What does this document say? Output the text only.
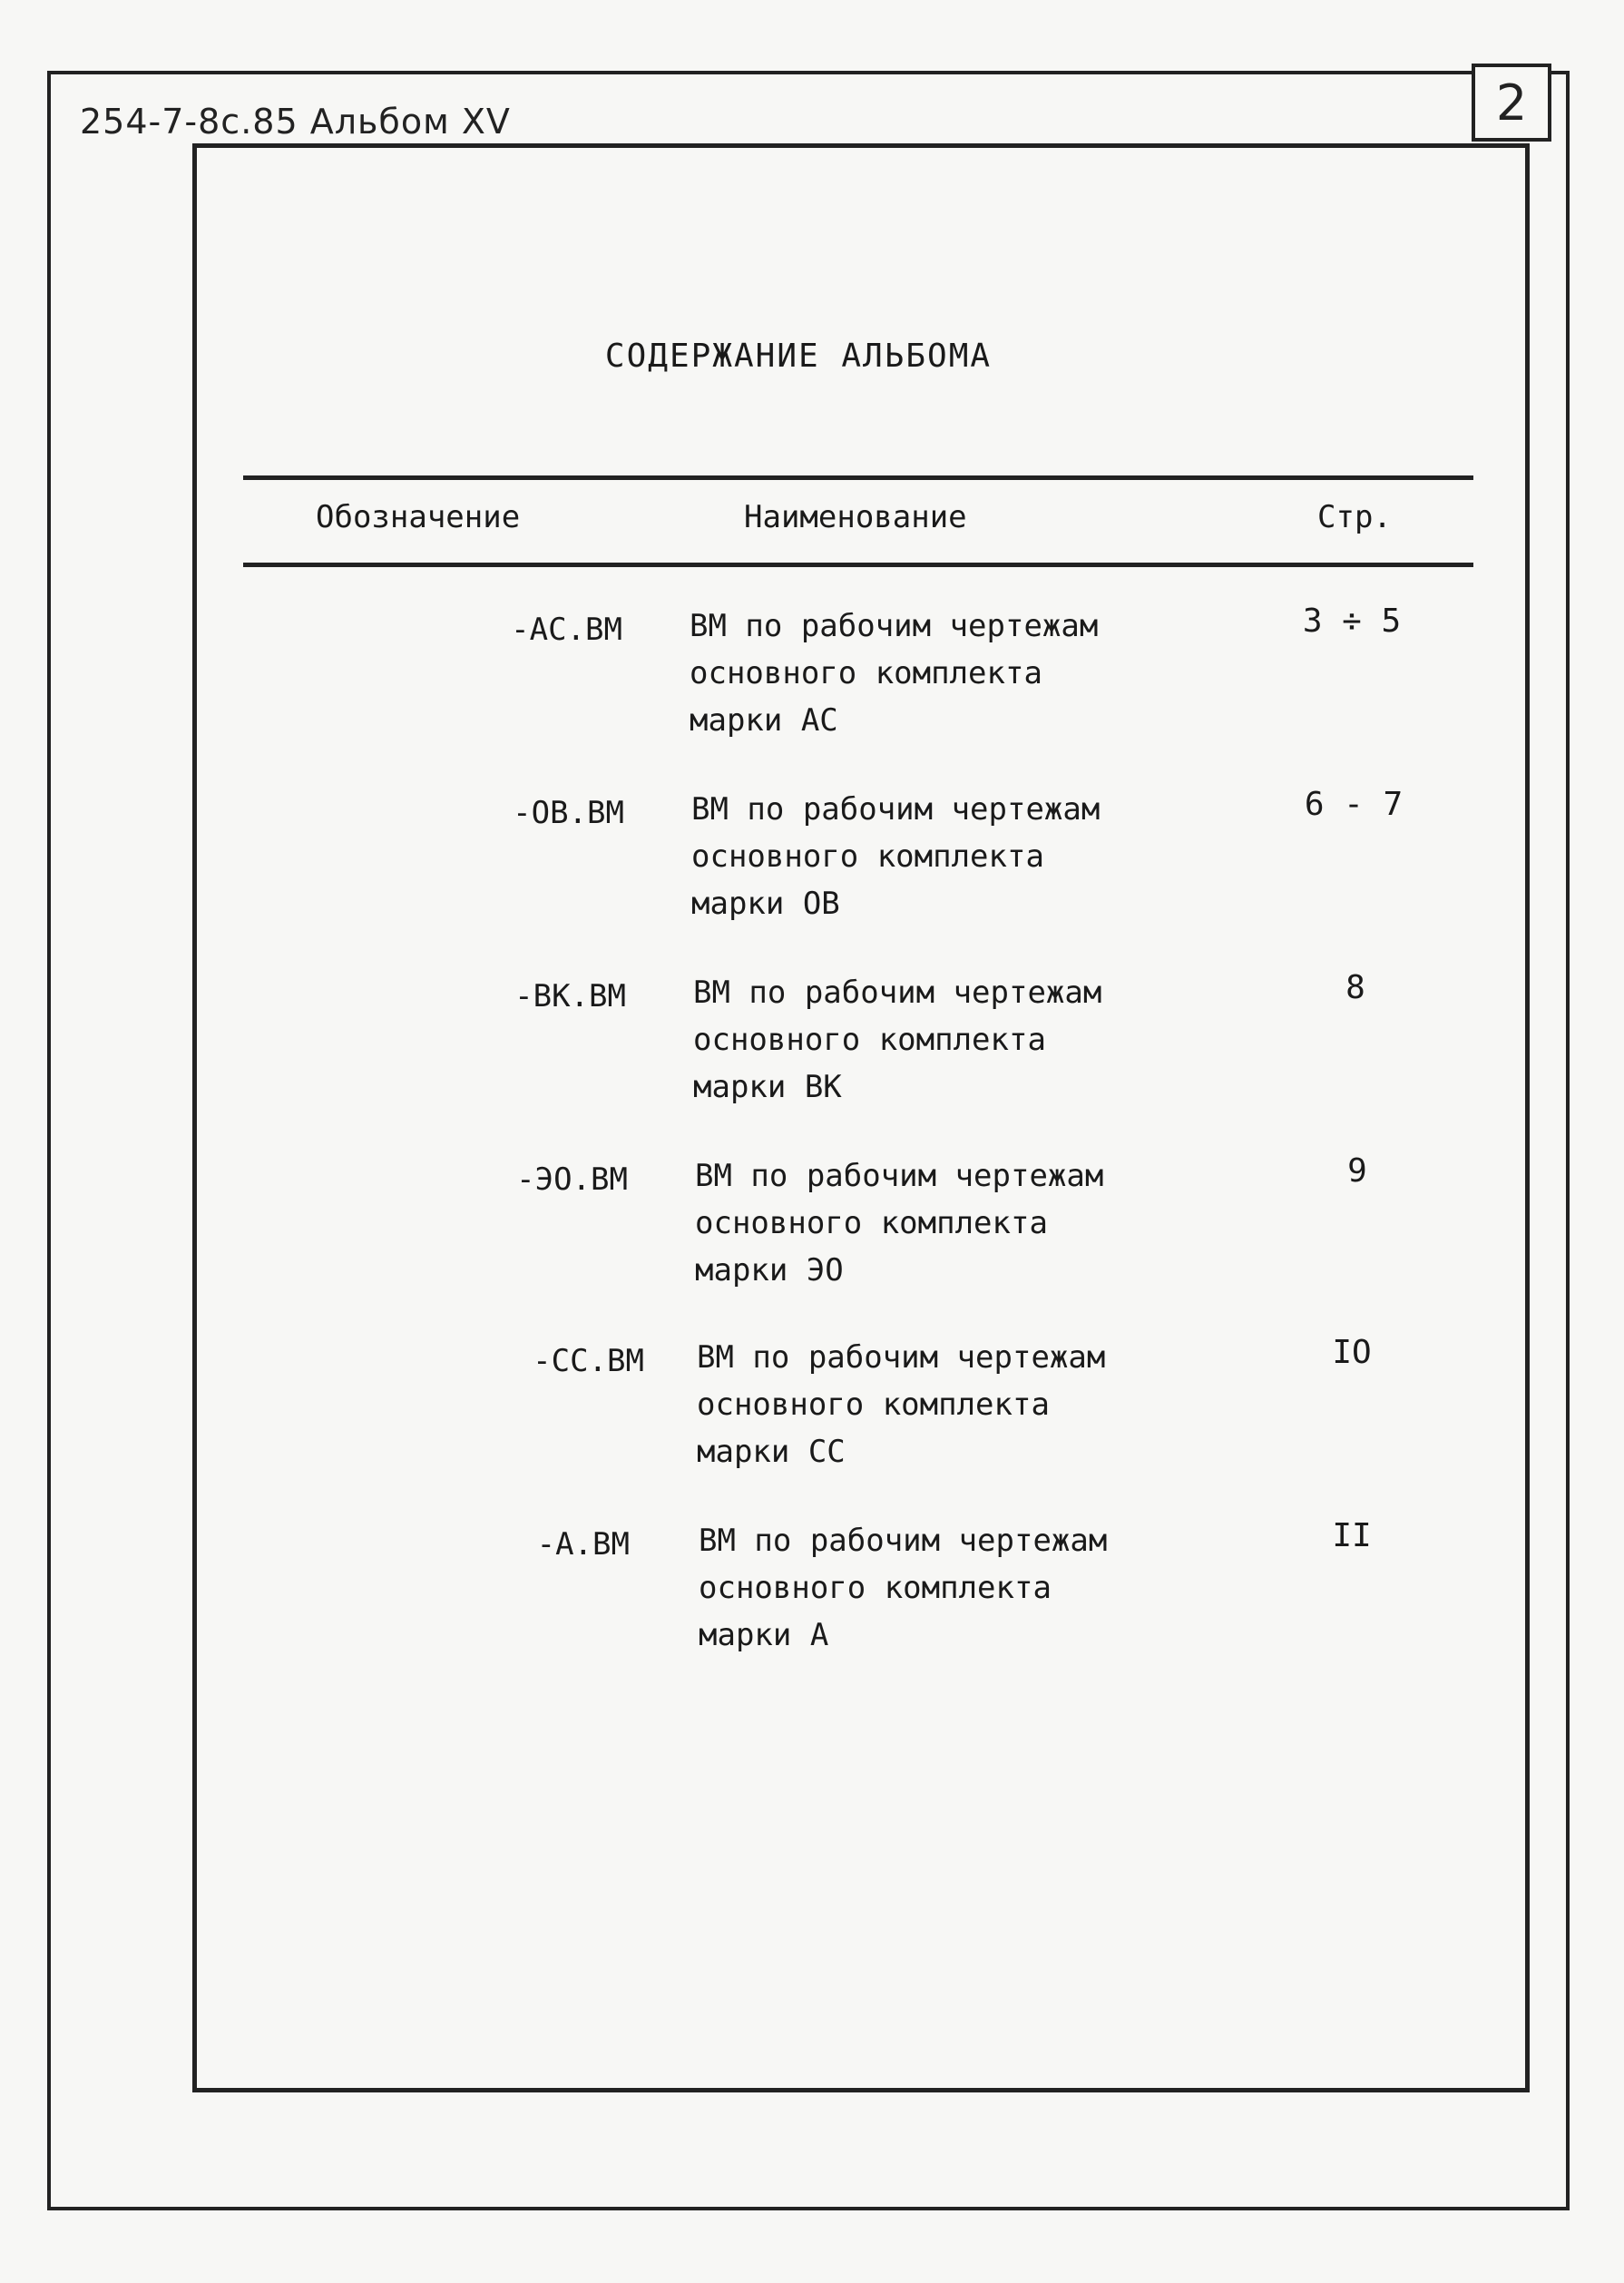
2
254-7-8с.85 Альбом XV
СОДЕРЖАНИЕ АЛЬБОМА
Обозначение	Наименование	Стр.
-АС.ВМ ВМ по рабочим чертежам
основного комплекта
марки АС
3 ÷ 5
-ОВ.ВМ ВМ по рабочим чертежам
основного комплекта
марки ОВ
6 - 7
-ВК.ВМ ВМ по рабочим чертежам
основного комплекта
марки ВК
8
-ЭО.ВМ ВМ по рабочим чертежам
основного комплекта
марки ЭО
9
-СС.ВМ ВМ по рабочим чертежам
основного комплекта
марки СС
IO
-А.ВМ ВМ по рабочим чертежам
основного комплекта
марки А
II
